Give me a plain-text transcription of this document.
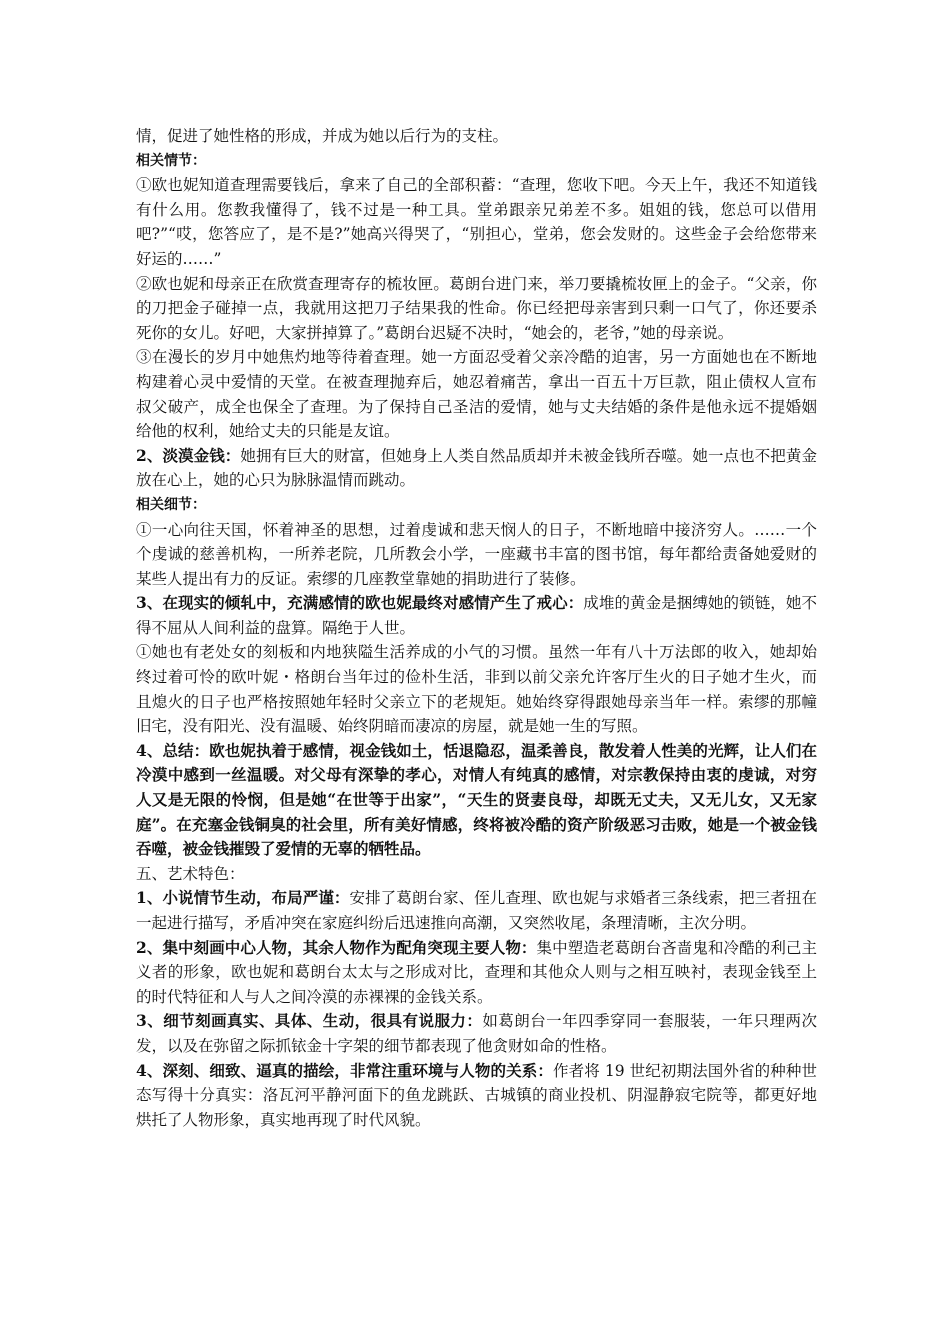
情，促进了她性格的形成，并成为她以后行为的支柱。

相关情节：

①欧也妮知道查理需要钱后，拿来了自己的全部积蓄：“查理，您收下吧。今天上午，我还不知道钱有什么用。您教我懂得了，钱不过是一种工具。堂弟跟亲兄弟差不多。姐姐的钱，您总可以借用吧?”“哎，您答应了，是不是?”她高兴得哭了，“别担心，堂弟，您会发财的。这些金子会给您带来好运的……”

②欧也妮和母亲正在欣赏查理寄存的梳妆匣。葛朗台进门来，举刀要撬梳妆匣上的金子。“父亲，你的刀把金子碰掉一点，我就用这把刀子结果我的性命。你已经把母亲害到只剩一口气了，你还要杀死你的女儿。好吧，大家拼掉算了。”葛朗台迟疑不决时，“她会的，老爷，”她的母亲说。

③在漫长的岁月中她焦灼地等待着查理。她一方面忍受着父亲冷酷的迫害，另一方面她也在不断地构建着心灵中爱情的天堂。在被查理抛弃后，她忍着痛苦，拿出一百五十万巨款，阻止债权人宣布叔父破产，成全也保全了查理。为了保持自己圣洁的爱情，她与丈夫结婚的条件是他永远不提婚姻给他的权利，她给丈夫的只能是友谊。

2、淡漠金钱：她拥有巨大的财富，但她身上人类自然品质却并未被金钱所吞噬。她一点也不把黄金放在心上，她的心只为脉脉温情而跳动。

相关细节：

①一心向往天国，怀着神圣的思想，过着虔诚和悲天悯人的日子，不断地暗中接济穷人。……一个个虔诚的慈善机构，一所养老院，几所教会小学，一座藏书丰富的图书馆，每年都给责备她爱财的某些人提出有力的反证。索缪的几座教堂靠她的捐助进行了装修。

3、在现实的倾轧中，充满感情的欧也妮最终对感情产生了戒心：成堆的黄金是捆缚她的锁链，她不得不屈从人间利益的盘算。隔绝于人世。

①她也有老处女的刻板和内地狭隘生活养成的小气的习惯。虽然一年有八十万法郎的收入，她却始终过着可怜的欧叶妮・格朗台当年过的俭朴生活，非到以前父亲允许客厅生火的日子她才生火，而且熄火的日子也严格按照她年轻时父亲立下的老规矩。她始终穿得跟她母亲当年一样。索缪的那幢旧宅，没有阳光、没有温暖、始终阴暗而凄凉的房屋，就是她一生的写照。

4、总结：欧也妮执着于感情，视金钱如土，恬退隐忍，温柔善良，散发着人性美的光辉，让人们在冷漠中感到一丝温暖。对父母有深挚的孝心，对情人有纯真的感情，对宗教保持由衷的虔诚，对穷人又是无限的怜悯，但是她“在世等于出家”，“天生的贤妻良母，却既无丈夫，又无儿女，又无家庭”。在充塞金钱铜臭的社会里，所有美好情感，终将被冷酷的资产阶级恶习击败，她是一个被金钱吞噬，被金钱摧毁了爱情的无辜的牺牲品。

五、艺术特色：

1、小说情节生动，布局严谨：安排了葛朗台家、侄儿查理、欧也妮与求婚者三条线索，把三者扭在一起进行描写，矛盾冲突在家庭纠纷后迅速推向高潮，又突然收尾，条理清晰，主次分明。

2、集中刻画中心人物，其余人物作为配角突现主要人物：集中塑造老葛朗台吝啬鬼和冷酷的利己主义者的形象，欧也妮和葛朗台太太与之形成对比，查理和其他众人则与之相互映衬，表现金钱至上的时代特征和人与人之间冷漠的赤裸裸的金钱关系。

3、细节刻画真实、具体、生动，很具有说服力：如葛朗台一年四季穿同一套服装，一年只理两次发，以及在弥留之际抓铱金十字架的细节都表现了他贪财如命的性格。

4、深刻、细致、逼真的描绘，非常注重环境与人物的关系：作者将 19 世纪初期法国外省的种种世态写得十分真实：洛瓦河平静河面下的鱼龙跳跃、古城镇的商业投机、阴湿静寂宅院等，都更好地烘托了人物形象，真实地再现了时代风貌。
